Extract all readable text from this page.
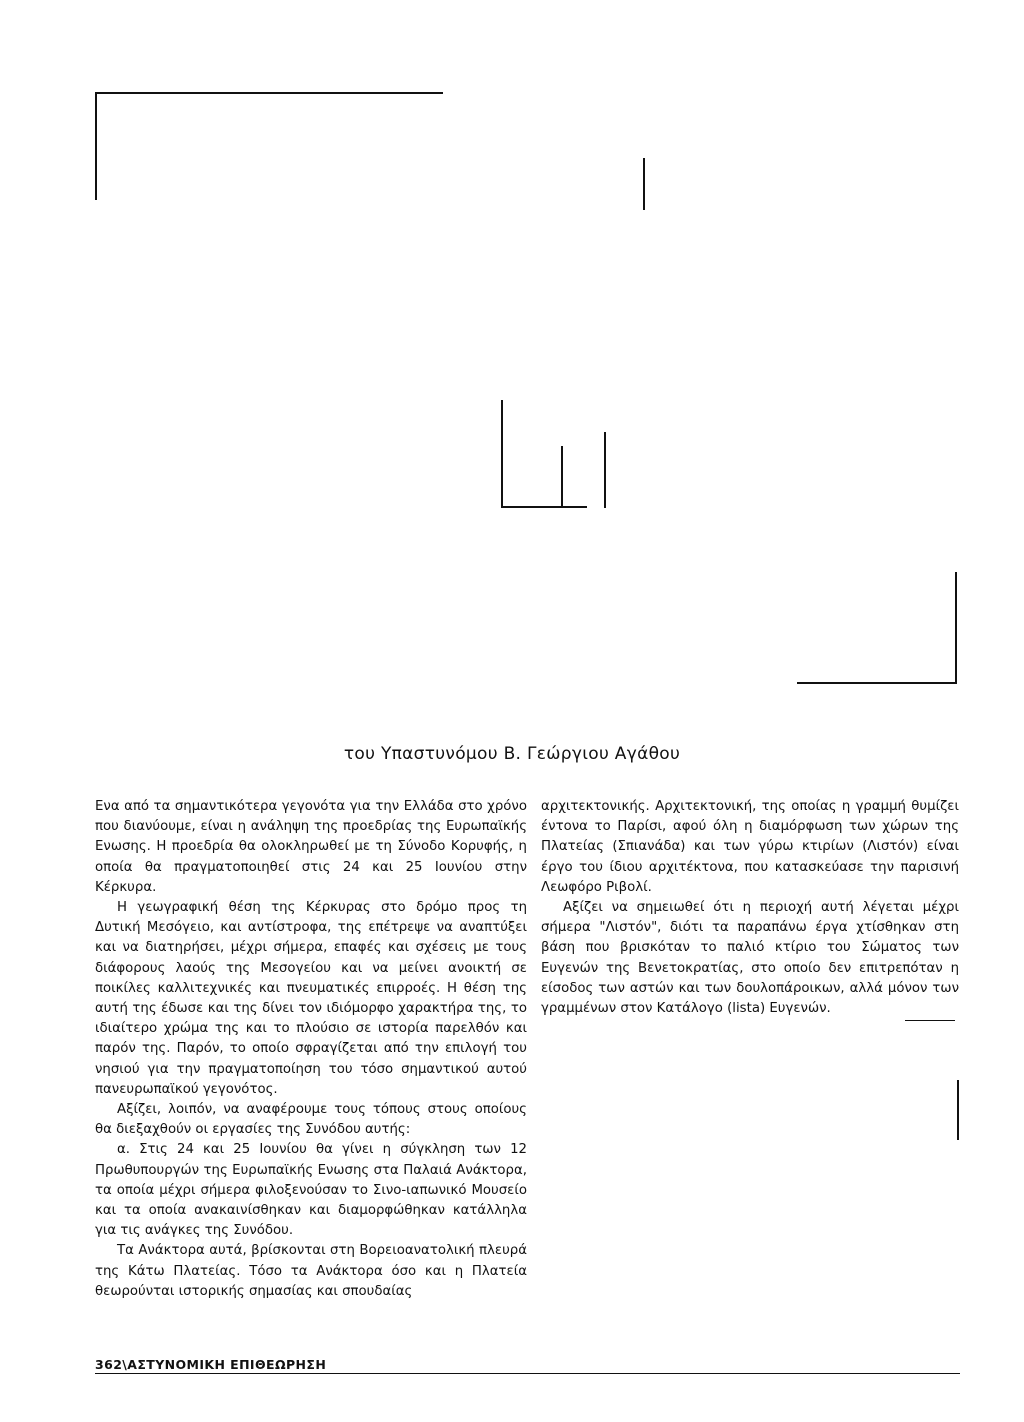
του Υπαστυνόμου Β. Γεώργιου Αγάθου

Ενα από τα σημαντικότερα γεγονότα για την Ελλάδα στο χρόνο που διανύουμε, είναι η ανάληψη της προεδρίας της Ευρωπαϊκής Ενωσης. Η προεδρία θα ολοκληρωθεί με τη Σύνοδο Κορυφής, η οποία θα πραγματοποιηθεί στις 24 και 25 Ιουνίου στην Κέρκυρα.

Η γεωγραφική θέση της Κέρκυρας στο δρόμο προς τη Δυτική Μεσόγειο, και αντίστροφα, της επέτρεψε να αναπτύξει και να διατηρήσει, μέχρι σήμερα, επαφές και σχέσεις με τους διάφορους λαούς της Μεσογείου και να μείνει ανοικτή σε ποικίλες καλλιτεχνικές και πνευματικές επιρροές. Η θέση της αυτή της έδωσε και της δίνει τον ιδιόμορφο χαρακτήρα της, το ιδιαίτερο χρώμα της και το πλούσιο σε ιστορία παρελθόν και παρόν της. Παρόν, το οποίο σφραγίζεται από την επιλογή του νησιού για την πραγματοποίηση του τόσο σημαντικού αυτού πανευρωπαϊκού γεγονότος.

Αξίζει, λοιπόν, να αναφέρουμε τους τόπους στους οποίους θα διεξαχθούν οι εργασίες της Συνόδου αυτής:

α. Στις 24 και 25 Ιουνίου θα γίνει η σύγκληση των 12 Πρωθυπουργών της Ευρωπαϊκής Ενωσης στα Παλαιά Ανάκτορα, τα οποία μέχρι σήμερα φιλοξενούσαν το Σινο-ιαπωνικό Μουσείο και τα οποία ανακαινίσθηκαν και διαμορφώθηκαν κατάλληλα για τις ανάγκες της Συνόδου.

Τα Ανάκτορα αυτά, βρίσκονται στη Βορειοανατολική πλευρά της Κάτω Πλατείας. Τόσο τα Ανάκτορα όσο και η Πλατεία θεωρούνται ιστορικής σημασίας και σπουδαίας

αρχιτεκτονικής. Αρχιτεκτονική, της οποίας η γραμμή θυμίζει έντονα το Παρίσι, αφού όλη η διαμόρφωση των χώρων της Πλατείας (Σπιανάδα) και των γύρω κτιρίων (Λιστόν) είναι έργο του ίδιου αρχιτέκτονα, που κατασκεύασε την παρισινή Λεωφόρο Ριβολί.

Αξίζει να σημειωθεί ότι η περιοχή αυτή λέγεται μέχρι σήμερα "Λιστόν", διότι τα παραπάνω έργα χτίσθηκαν στη βάση που βρισκόταν το παλιό κτίριο του Σώματος των Ευγενών της Βενετοκρατίας, στο οποίο δεν επιτρεπόταν η είσοδος των αστών και των δουλοπάροικων, αλλά μόνον των γραμμένων στον Κατάλογο (lista) Ευγενών.

362\ΑΣΤΥΝΟΜΙΚΗ ΕΠΙΘΕΩΡΗΣΗ
